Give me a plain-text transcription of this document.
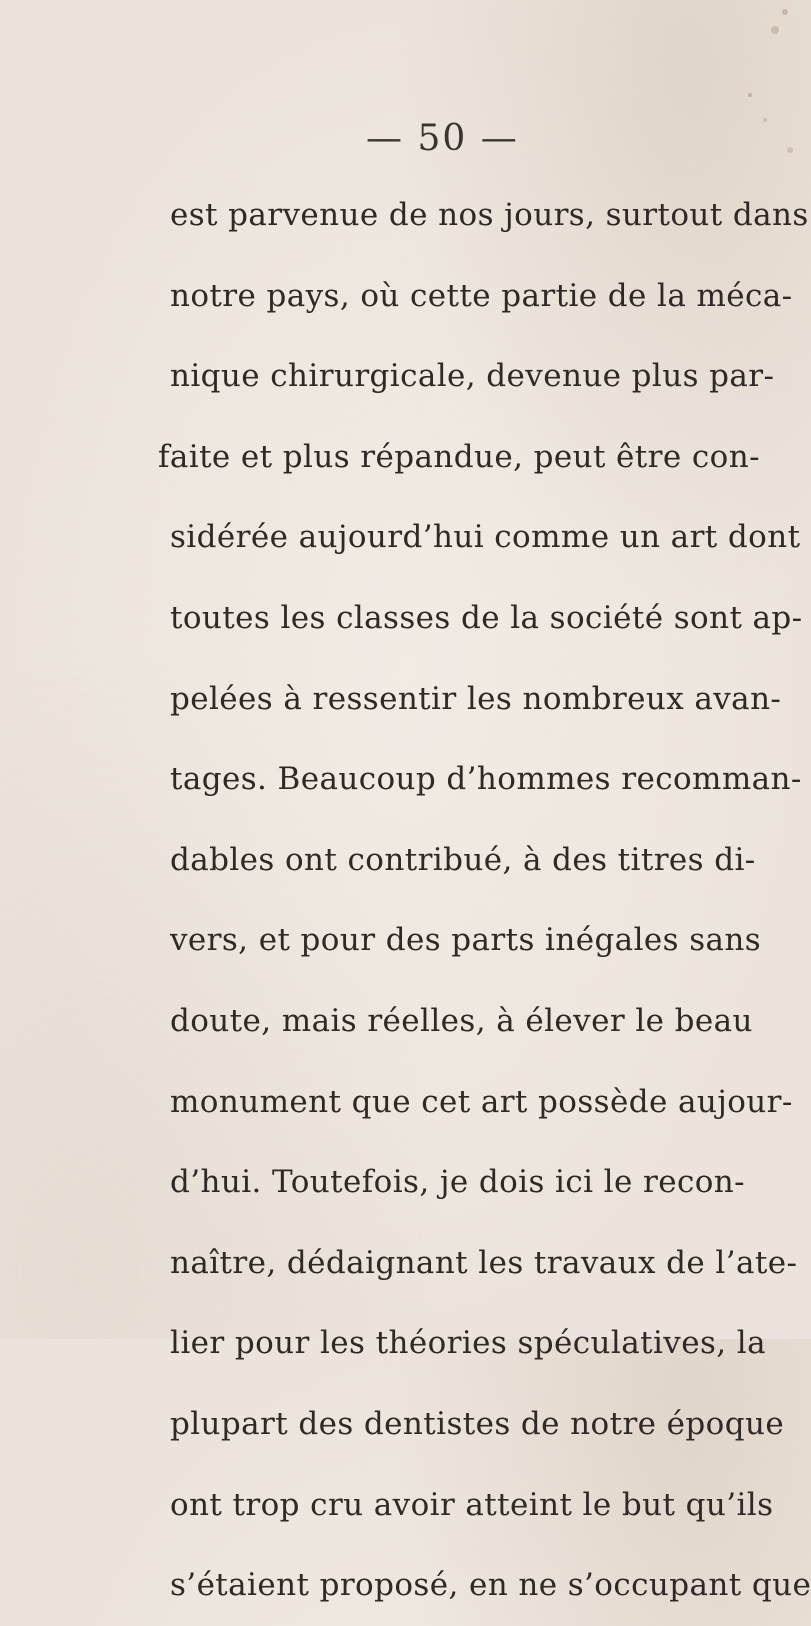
— 50 —
est parvenue de nos jours, surtout dans
notre pays, où cette partie de la méca-
nique chirurgicale, devenue plus par-
faite et plus répandue, peut être con-
sidérée aujourd’hui comme un art dont
toutes les classes de la société sont ap-
pelées à ressentir les nombreux avan-
tages. Beaucoup d’hommes recomman-
dables ont contribué, à des titres di-
vers, et pour des parts inégales sans
doute, mais réelles, à élever le beau
monument que cet art possède aujour-
d’hui. Toutefois, je dois ici le recon-
naître, dédaignant les travaux de l’ate-
lier pour les théories spéculatives, la
plupart des dentistes de notre époque
ont trop cru avoir atteint le but qu’ils
s’étaient proposé, en ne s’occupant que
